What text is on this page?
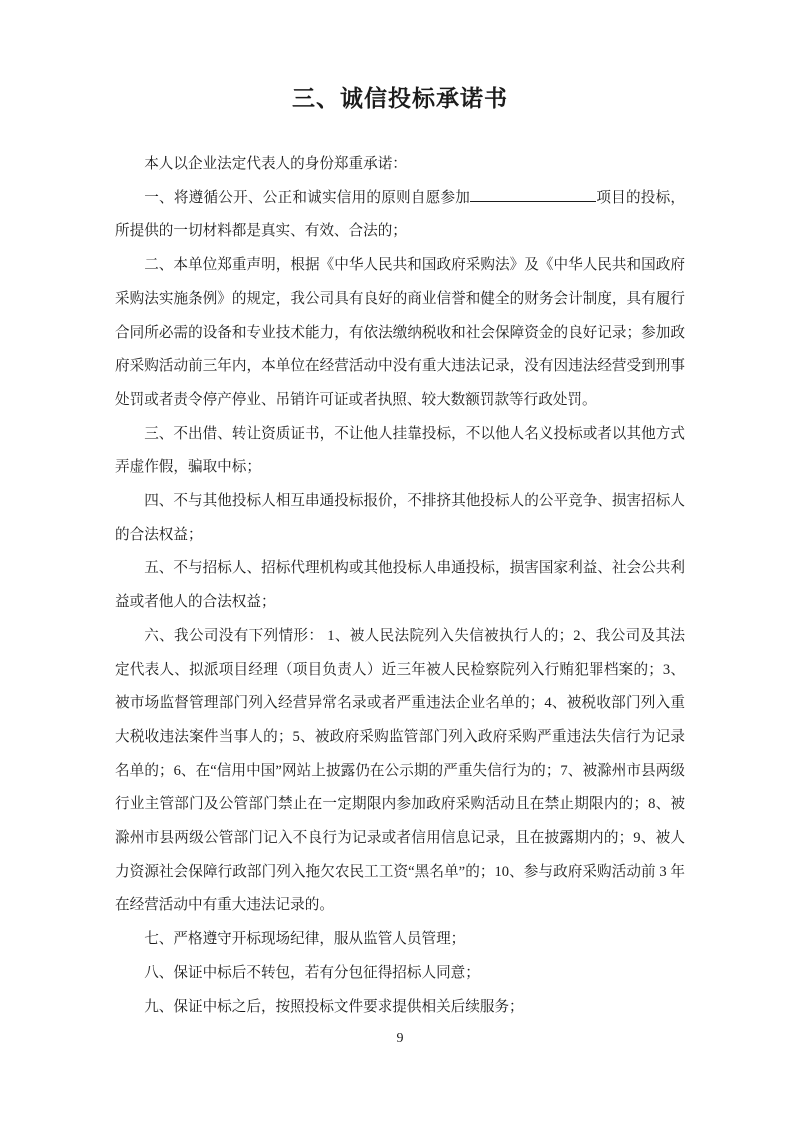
三、诚信投标承诺书

本人以企业法定代表人的身份郑重承诺：

一、将遵循公开、公正和诚实信用的原则自愿参加	项目的投标，所提供的一切材料都是真实、有效、合法的；

二、本单位郑重声明，根据《中华人民共和国政府采购法》及《中华人民共和国政府采购法实施条例》的规定，我公司具有良好的商业信誉和健全的财务会计制度，具有履行合同所必需的设备和专业技术能力，有依法缴纳税收和社会保障资金的良好记录；参加政府采购活动前三年内，本单位在经营活动中没有重大违法记录，没有因违法经营受到刑事处罚或者责令停产停业、吊销许可证或者执照、较大数额罚款等行政处罚。

三、不出借、转让资质证书，不让他人挂靠投标，不以他人名义投标或者以其他方式弄虚作假，骗取中标；

四、不与其他投标人相互串通投标报价，不排挤其他投标人的公平竞争、损害招标人的合法权益；

五、不与招标人、招标代理机构或其他投标人串通投标，损害国家利益、社会公共利益或者他人的合法权益；

六、我公司没有下列情形： 1、被人民法院列入失信被执行人的；2、我公司及其法定代表人、拟派项目经理（项目负责人）近三年被人民检察院列入行贿犯罪档案的；3、被市场监督管理部门列入经营异常名录或者严重违法企业名单的；4、被税收部门列入重大税收违法案件当事人的；5、被政府采购监管部门列入政府采购严重违法失信行为记录名单的；6、在“信用中国”网站上披露仍在公示期的严重失信行为的；7、被滁州市县两级行业主管部门及公管部门禁止在一定期限内参加政府采购活动且在禁止期限内的；8、被滁州市县两级公管部门记入不良行为记录或者信用信息记录，且在披露期内的；9、被人力资源社会保障行政部门列入拖欠农民工工资“黑名单”的；10、参与政府采购活动前 3 年在经营活动中有重大违法记录的。

七、严格遵守开标现场纪律，服从监管人员管理；

八、保证中标后不转包，若有分包征得招标人同意；

九、保证中标之后，按照投标文件要求提供相关后续服务；

9
